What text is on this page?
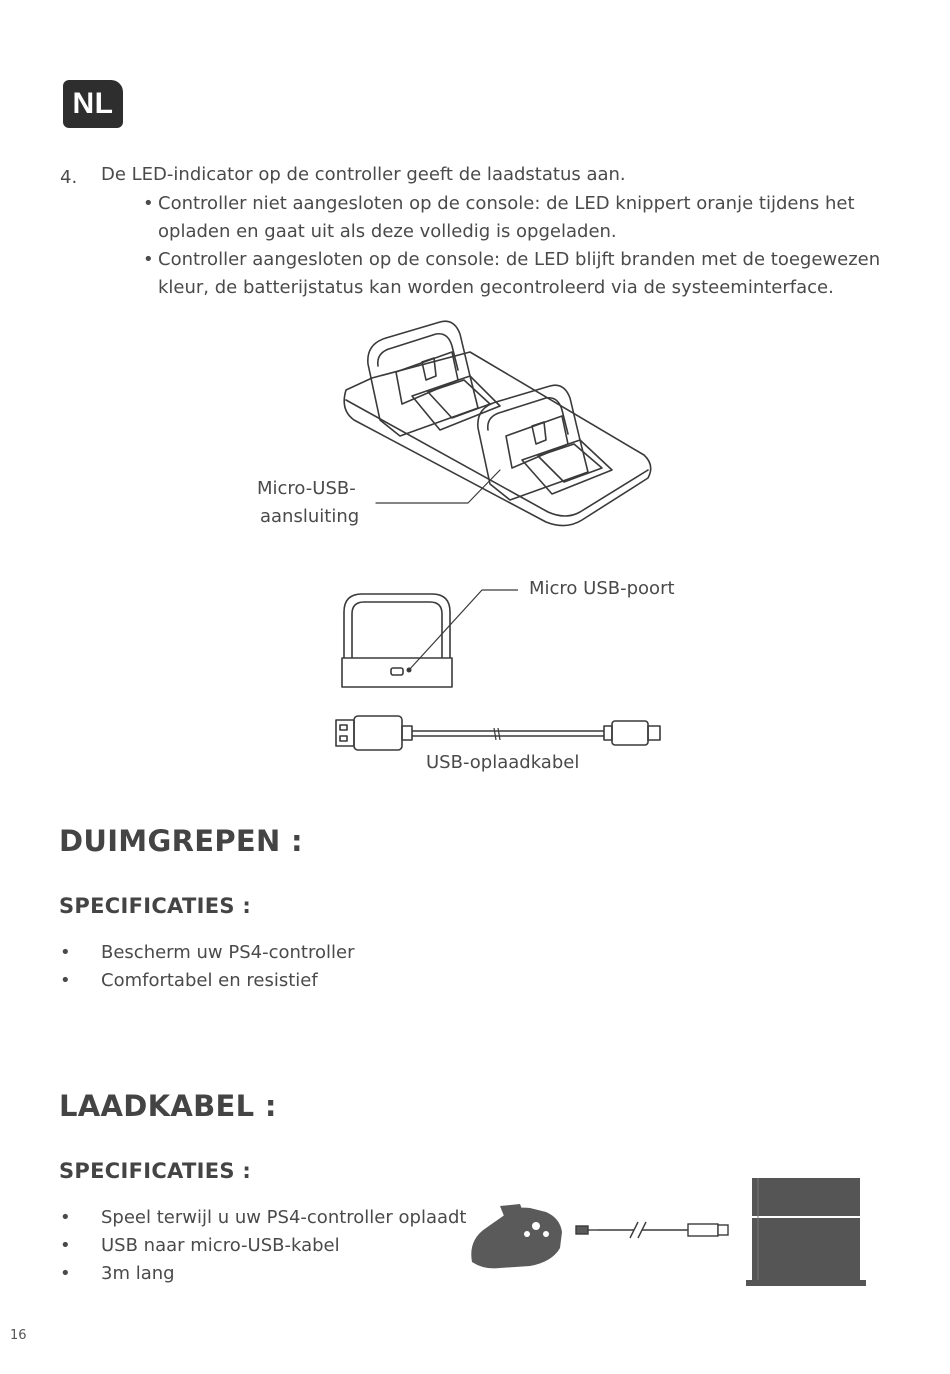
NL
4. De LED-indicator op de controller geeft de laadstatus aan.
• Controller niet aangesloten op de console: de LED knippert oranje tijdens het opladen en gaat uit als deze volledig is opgeladen.
• Controller aangesloten op de console: de LED blijft branden met de toegewezen kleur, de batterijstatus kan worden gecontroleerd via de systeeminterface.
Micro-USB-
aansluiting
Micro USB-poort
USB-oplaadkabel
DUIMGREPEN :
SPECIFICATIES :
• Bescherm uw PS4-controller
• Comfortabel en resistief
LAADKABEL :
SPECIFICATIES :
• Speel terwijl u uw PS4-controller oplaadt
• USB naar micro-USB-kabel
• 3m lang
16
